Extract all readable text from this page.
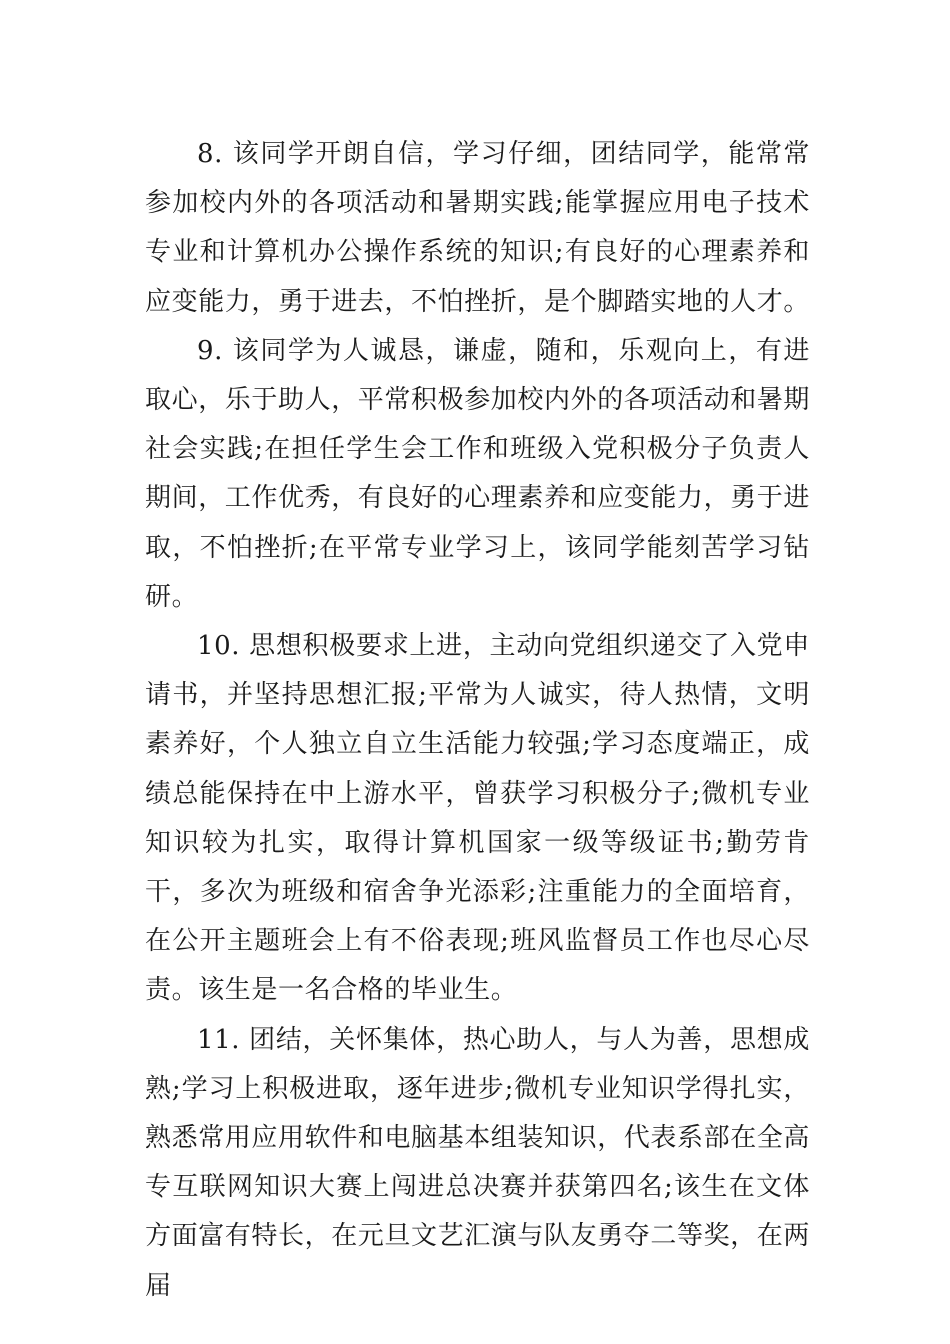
8. 该同学开朗自信，学习仔细，团结同学，能常常参加校内外的各项活动和暑期实践;能掌握应用电子技术专业和计算机办公操作系统的知识;有良好的心理素养和应变能力，勇于进去，不怕挫折，是个脚踏实地的人才。

9. 该同学为人诚恳，谦虚，随和，乐观向上，有进取心，乐于助人，平常积极参加校内外的各项活动和暑期社会实践;在担任学生会工作和班级入党积极分子负责人期间，工作优秀，有良好的心理素养和应变能力，勇于进取，不怕挫折;在平常专业学习上，该同学能刻苦学习钻研。

10. 思想积极要求上进，主动向党组织递交了入党申请书，并坚持思想汇报;平常为人诚实，待人热情，文明素养好，个人独立自立生活能力较强;学习态度端正，成绩总能保持在中上游水平，曾获学习积极分子;微机专业知识较为扎实，取得计算机国家一级等级证书;勤劳肯干，多次为班级和宿舍争光添彩;注重能力的全面培育，在公开主题班会上有不俗表现;班风监督员工作也尽心尽责。该生是一名合格的毕业生。

11. 团结，关怀集体，热心助人，与人为善，思想成熟;学习上积极进取，逐年进步;微机专业知识学得扎实，熟悉常用应用软件和电脑基本组装知识，代表系部在全高专互联网知识大赛上闯进总决赛并获第四名;该生在文体方面富有特长，在元旦文艺汇演与队友勇夺二等奖，在两届
